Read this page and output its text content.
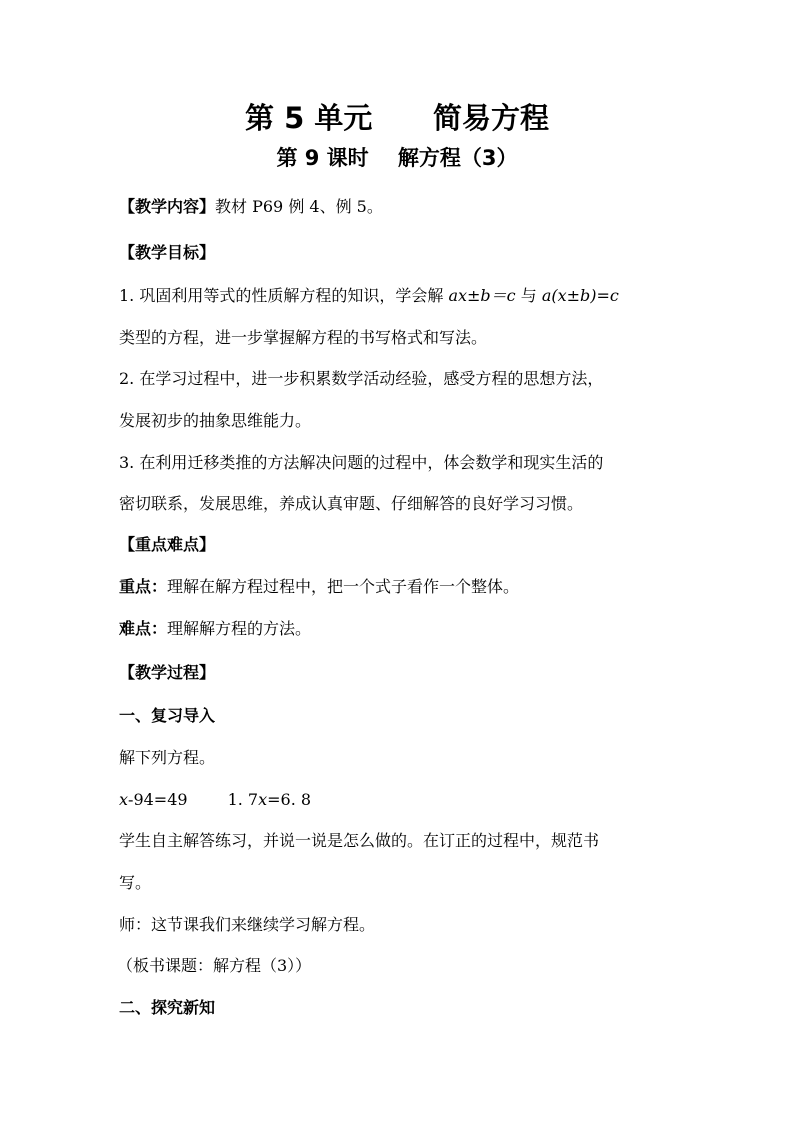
第 5 单元      简易方程
第 9 课时    解方程（3）
【教学内容】教材 P69 例 4、例 5。
【教学目标】
1. 巩固利用等式的性质解方程的知识，学会解 ax±b＝c 与 a(x±b)=c
类型的方程，进一步掌握解方程的书写格式和写法。
2. 在学习过程中，进一步积累数学活动经验，感受方程的思想方法，
发展初步的抽象思维能力。
3. 在利用迁移类推的方法解决问题的过程中，体会数学和现实生活的
密切联系，发展思维，养成认真审题、仔细解答的良好学习习惯。
【重点难点】
重点：理解在解方程过程中，把一个式子看作一个整体。
难点：理解解方程的方法。
【教学过程】
一、复习导入
解下列方程。
x-94=49	1. 7x=6. 8
学生自主解答练习，并说一说是怎么做的。在订正的过程中，规范书
写。
师：这节课我们来继续学习解方程。
（板书课题：解方程（3））
二、探究新知
